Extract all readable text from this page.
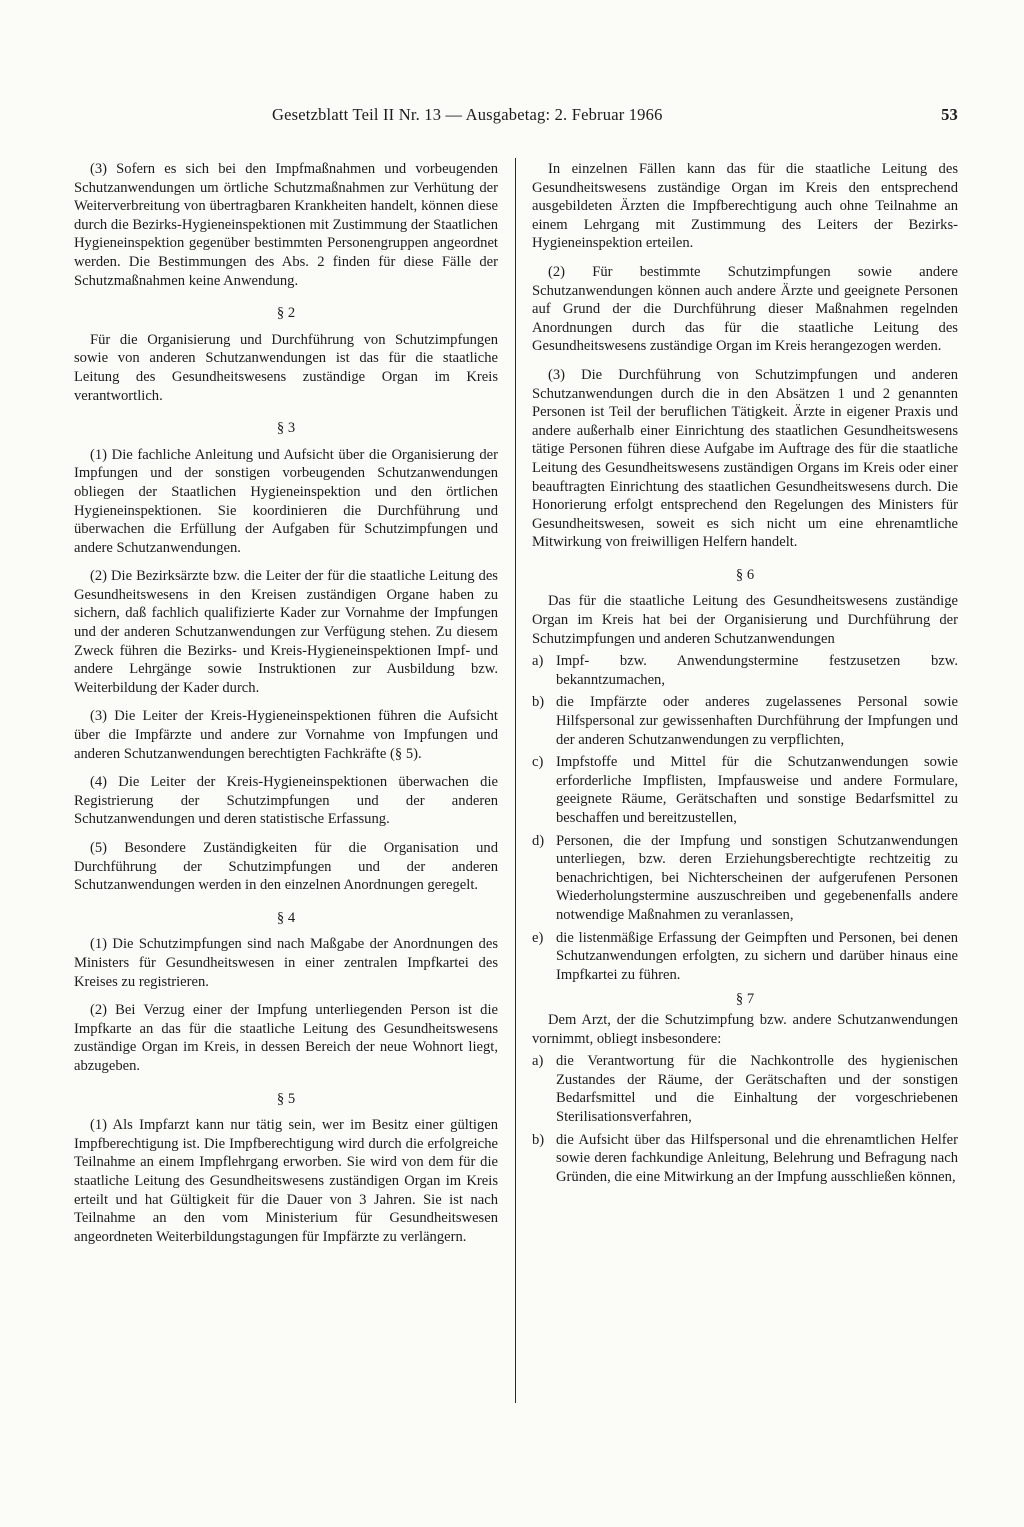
Gesetzblatt Teil II Nr. 13 — Ausgabetag: 2. Februar 1966	53

(3) Sofern es sich bei den Impfmaßnahmen und vorbeugenden Schutzanwendungen um örtliche Schutzmaßnahmen zur Verhütung der Weiterverbreitung von übertragbaren Krankheiten handelt, können diese durch die Bezirks-Hygieneinspektionen mit Zustimmung der Staatlichen Hygieneinspektion gegenüber bestimmten Personengruppen angeordnet werden. Die Bestimmungen des Abs. 2 finden für diese Fälle der Schutzmaßnahmen keine Anwendung.

§ 2

Für die Organisierung und Durchführung von Schutzimpfungen sowie von anderen Schutzanwendungen ist das für die staatliche Leitung des Gesundheitswesens zuständige Organ im Kreis verantwortlich.

§ 3

(1) Die fachliche Anleitung und Aufsicht über die Organisierung der Impfungen und der sonstigen vorbeugenden Schutzanwendungen obliegen der Staatlichen Hygieneinspektion und den örtlichen Hygieneinspektionen. Sie koordinieren die Durchführung und überwachen die Erfüllung der Aufgaben für Schutzimpfungen und andere Schutzanwendungen.

(2) Die Bezirksärzte bzw. die Leiter der für die staatliche Leitung des Gesundheitswesens in den Kreisen zuständigen Organe haben zu sichern, daß fachlich qualifizierte Kader zur Vornahme der Impfungen und der anderen Schutzanwendungen zur Verfügung stehen. Zu diesem Zweck führen die Bezirks- und Kreis-Hygieneinspektionen Impf- und andere Lehrgänge sowie Instruktionen zur Ausbildung bzw. Weiterbildung der Kader durch.

(3) Die Leiter der Kreis-Hygieneinspektionen führen die Aufsicht über die Impfärzte und andere zur Vornahme von Impfungen und anderen Schutzanwendungen berechtigten Fachkräfte (§ 5).

(4) Die Leiter der Kreis-Hygieneinspektionen überwachen die Registrierung der Schutzimpfungen und der anderen Schutzanwendungen und deren statistische Erfassung.

(5) Besondere Zuständigkeiten für die Organisation und Durchführung der Schutzimpfungen und der anderen Schutzanwendungen werden in den einzelnen Anordnungen geregelt.

§ 4

(1) Die Schutzimpfungen sind nach Maßgabe der Anordnungen des Ministers für Gesundheitswesen in einer zentralen Impfkartei des Kreises zu registrieren.

(2) Bei Verzug einer der Impfung unterliegenden Person ist die Impfkarte an das für die staatliche Leitung des Gesundheitswesens zuständige Organ im Kreis, in dessen Bereich der neue Wohnort liegt, abzugeben.

§ 5

(1) Als Impfarzt kann nur tätig sein, wer im Besitz einer gültigen Impfberechtigung ist. Die Impfberechtigung wird durch die erfolgreiche Teilnahme an einem Impflehrgang erworben. Sie wird von dem für die staatliche Leitung des Gesundheitswesens zuständigen Organ im Kreis erteilt und hat Gültigkeit für die Dauer von 3 Jahren. Sie ist nach Teilnahme an den vom Ministerium für Gesundheitswesen angeordneten Weiterbildungstagungen für Impfärzte zu verlängern.

In einzelnen Fällen kann das für die staatliche Leitung des Gesundheitswesens zuständige Organ im Kreis den entsprechend ausgebildeten Ärzten die Impfberechtigung auch ohne Teilnahme an einem Lehrgang mit Zustimmung des Leiters der Bezirks-Hygieneinspektion erteilen.

(2) Für bestimmte Schutzimpfungen sowie andere Schutzanwendungen können auch andere Ärzte und geeignete Personen auf Grund der die Durchführung dieser Maßnahmen regelnden Anordnungen durch das für die staatliche Leitung des Gesundheitswesens zuständige Organ im Kreis herangezogen werden.

(3) Die Durchführung von Schutzimpfungen und anderen Schutzanwendungen durch die in den Absätzen 1 und 2 genannten Personen ist Teil der beruflichen Tätigkeit. Ärzte in eigener Praxis und andere außerhalb einer Einrichtung des staatlichen Gesundheitswesens tätige Personen führen diese Aufgabe im Auftrage des für die staatliche Leitung des Gesundheitswesens zuständigen Organs im Kreis oder einer beauftragten Einrichtung des staatlichen Gesundheitswesens durch. Die Honorierung erfolgt entsprechend den Regelungen des Ministers für Gesundheitswesen, soweit es sich nicht um eine ehrenamtliche Mitwirkung von freiwilligen Helfern handelt.

§ 6

Das für die staatliche Leitung des Gesundheitswesens zuständige Organ im Kreis hat bei der Organisierung und Durchführung der Schutzimpfungen und anderen Schutzanwendungen

a) Impf- bzw. Anwendungstermine festzusetzen bzw. bekanntzumachen,
b) die Impfärzte oder anderes zugelassenes Personal sowie Hilfspersonal zur gewissenhaften Durchführung der Impfungen und der anderen Schutzanwendungen zu verpflichten,
c) Impfstoffe und Mittel für die Schutzanwendungen sowie erforderliche Impflisten, Impfausweise und andere Formulare, geeignete Räume, Gerätschaften und sonstige Bedarfsmittel zu beschaffen und bereitzustellen,
d) Personen, die der Impfung und sonstigen Schutzanwendungen unterliegen, bzw. deren Erziehungsberechtigte rechtzeitig zu benachrichtigen, bei Nichterscheinen der aufgerufenen Personen Wiederholungstermine auszuschreiben und gegebenenfalls andere notwendige Maßnahmen zu veranlassen,
e) die listenmäßige Erfassung der Geimpften und Personen, bei denen Schutzanwendungen erfolgten, zu sichern und darüber hinaus eine Impfkartei zu führen.
§ 7

Dem Arzt, der die Schutzimpfung bzw. andere Schutzanwendungen vornimmt, obliegt insbesondere:

a) die Verantwortung für die Nachkontrolle des hygienischen Zustandes der Räume, der Gerätschaften und der sonstigen Bedarfsmittel und die Einhaltung der vorgeschriebenen Sterilisationsverfahren,
b) die Aufsicht über das Hilfspersonal und die ehrenamtlichen Helfer sowie deren fachkundige Anleitung, Belehrung und Befragung nach Gründen, die eine Mitwirkung an der Impfung ausschließen können,
